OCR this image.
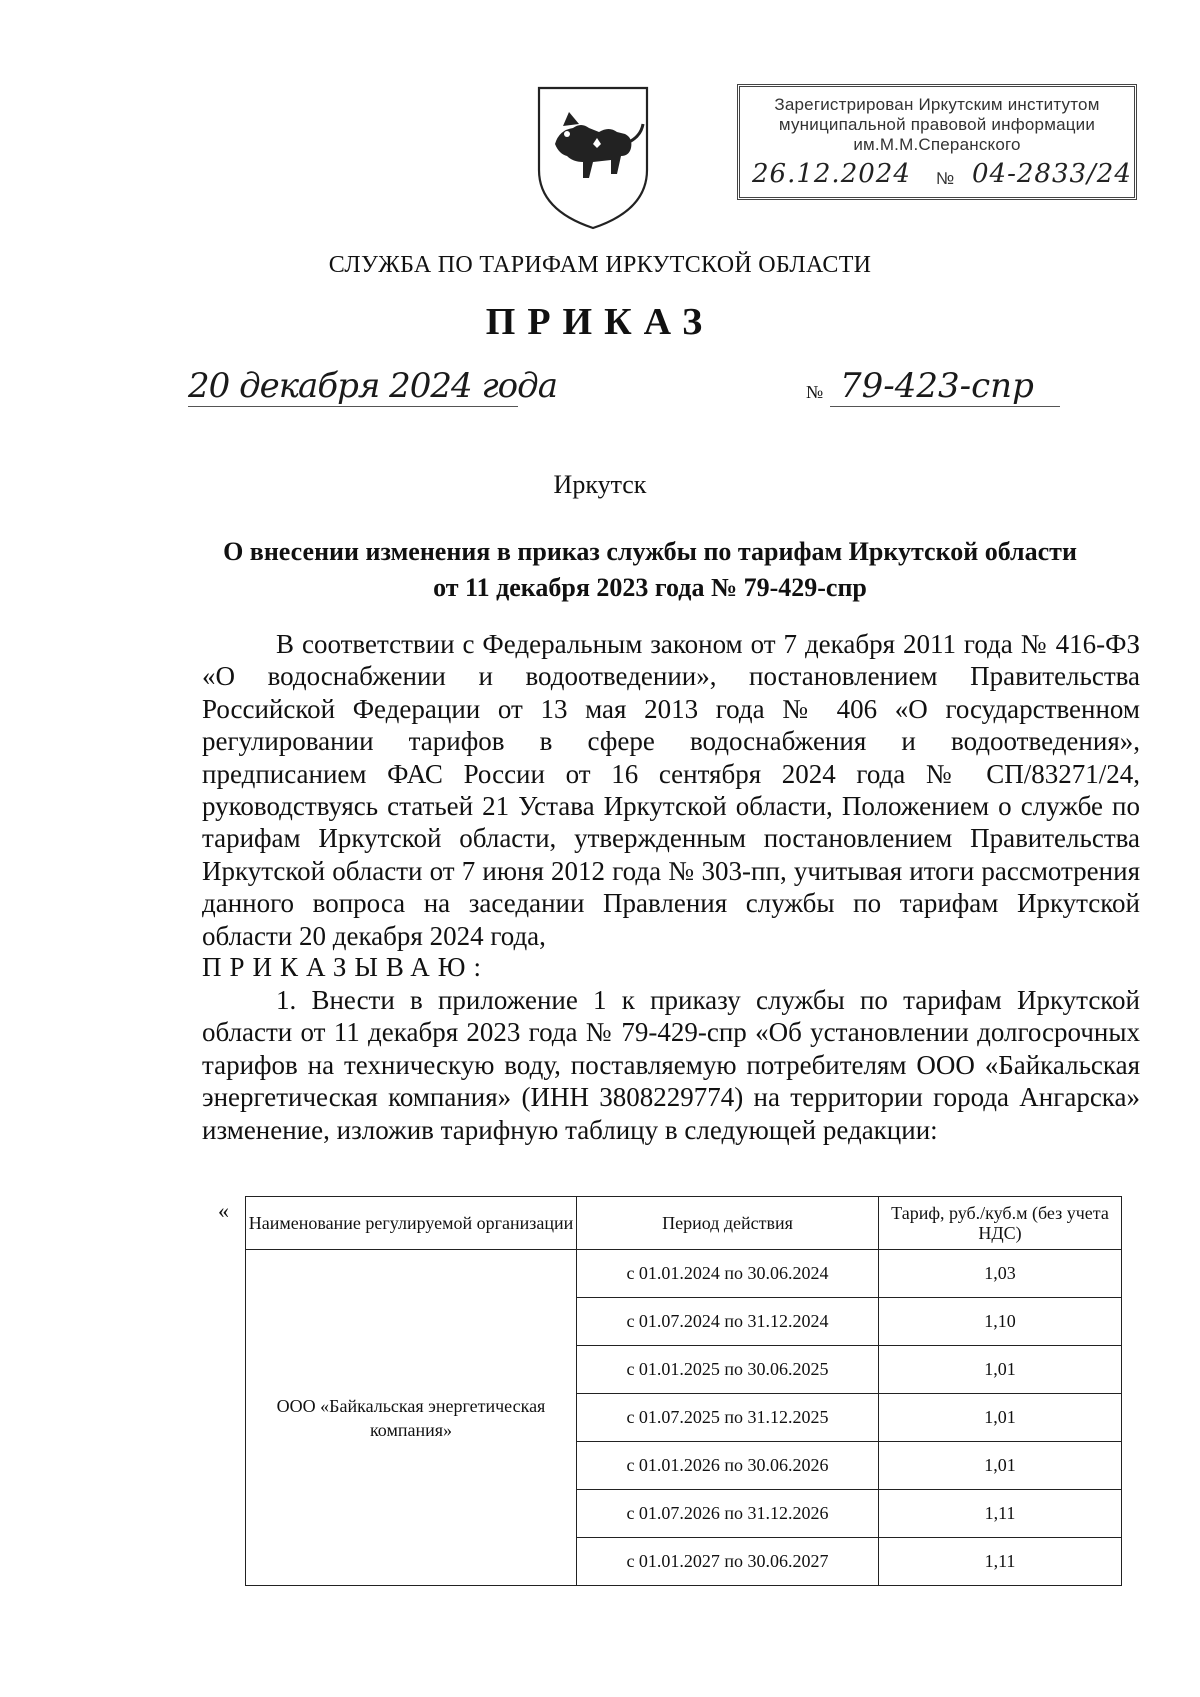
Зарегистрирован Иркутским институтом
муниципальной правовой информации
им.М.М.Сперанского
26.12.2024 № 04-2833/24
СЛУЖБА ПО ТАРИФАМ ИРКУТСКОЙ ОБЛАСТИ
ПРИКАЗ
20 декабря 2024 года	№ 79-423-спр
Иркутск
О внесении изменения в приказ службы по тарифам Иркутской области
от 11 декабря 2023 года № 79-429-спр
В соответствии с Федеральным законом от 7 декабря 2011 года № 416-ФЗ «О водоснабжении и водоотведении», постановлением Правительства Российской Федерации от 13 мая 2013 года № 406 «О государственном регулировании тарифов в сфере водоснабжения и водоотведения», предписанием ФАС России от 16 сентября 2024 года № СП/83271/24, руководствуясь статьей 21 Устава Иркутской области, Положением о службе по тарифам Иркутской области, утвержденным постановлением Правительства Иркутской области от 7 июня 2012 года № 303-пп, учитывая итоги рассмотрения данного вопроса на заседании Правления службы по тарифам Иркутской области 20 декабря 2024 года,
ПРИКАЗЫВАЮ:
1. Внести в приложение 1 к приказу службы по тарифам Иркутской области от 11 декабря 2023 года № 79-429-спр «Об установлении долгосрочных тарифов на техническую воду, поставляемую потребителям ООО «Байкальская энергетическая компания» (ИНН 3808229774) на территории города Ангарска» изменение, изложив тарифную таблицу в следующей редакции:
« Наименование регулируемой организации	Период действия	Тариф, руб./куб.м (без учета НДС)
ООО «Байкальская энергетическая компания»	с 01.01.2024 по 30.06.2024	1,03
	с 01.07.2024 по 31.12.2024	1,10
	с 01.01.2025 по 30.06.2025	1,01
	с 01.07.2025 по 31.12.2025	1,01
	с 01.01.2026 по 30.06.2026	1,01
	с 01.07.2026 по 31.12.2026	1,11
	с 01.01.2027 по 30.06.2027	1,11
